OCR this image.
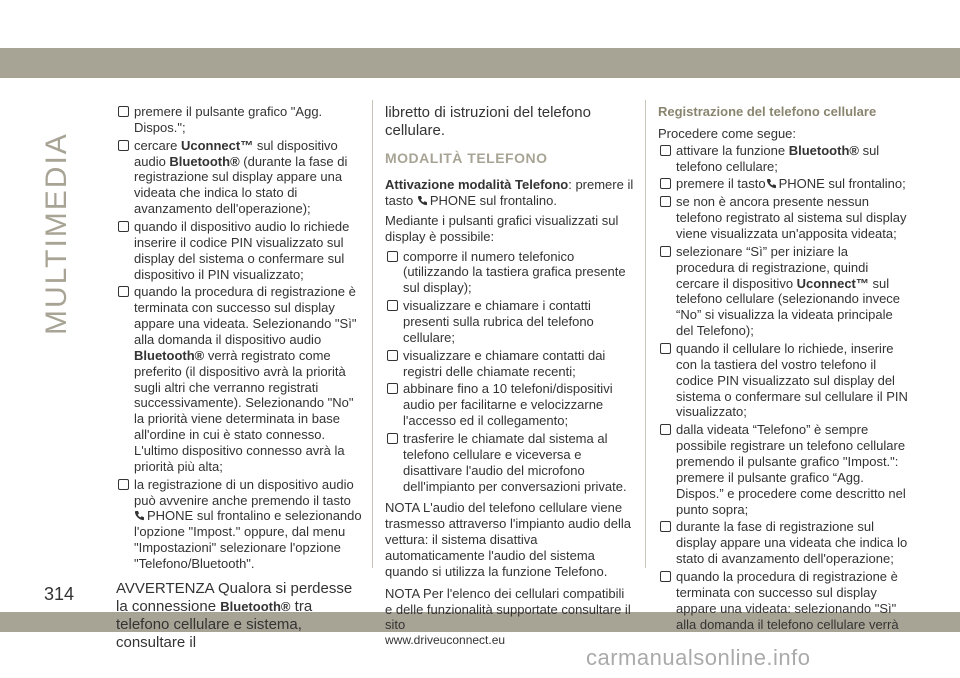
MULTIMEDIA
premere il pulsante grafico "Agg. Dispos.";
cercare Uconnect™ sul dispositivo audio Bluetooth® (durante la fase di registrazione sul display appare una videata che indica lo stato di avanzamento dell'operazione);
quando il dispositivo audio lo richiede inserire il codice PIN visualizzato sul display del sistema o confermare sul dispositivo il PIN visualizzato;
quando la procedura di registrazione è terminata con successo sul display appare una videata. Selezionando "Sì" alla domanda il dispositivo audio Bluetooth® verrà registrato come preferito (il dispositivo avrà la priorità sugli altri che verranno registrati successivamente). Selezionando "No" la priorità viene determinata in base all'ordine in cui è stato connesso. L'ultimo dispositivo connesso avrà la priorità più alta;
la registrazione di un dispositivo audio può avvenire anche premendo il tasto

PHONE sul frontalino e selezionando l'opzione "Impost." oppure, dal menu "Impostazioni" selezionare l'opzione "Telefono/Bluetooth".

AVVERTENZA Qualora si perdesse la connessione Bluetooth® tra telefono cellulare e sistema, consultare il

libretto di istruzioni del telefono cellulare.

MODALITÀ TELEFONO

Attivazione modalità Telefono: premere il tasto PHONE sul frontalino.

Mediante i pulsanti grafici visualizzati sul display è possibile:

comporre il numero telefonico (utilizzando la tastiera grafica presente sul display);
visualizzare e chiamare i contatti presenti sulla rubrica del telefono cellulare;
visualizzare e chiamare contatti dai registri delle chiamate recenti;
abbinare fino a 10 telefoni/dispositivi audio per facilitarne e velocizzarne l'accesso ed il collegamento;
trasferire le chiamate dal sistema al telefono cellulare e viceversa e disattivare l'audio del microfono dell'impianto per conversazioni private.

NOTA L'audio del telefono cellulare viene trasmesso attraverso l'impianto audio della vettura: il sistema disattiva automaticamente l'audio del sistema quando si utilizza la funzione Telefono.

NOTA Per l'elenco dei cellulari compatibili e delle funzionalità supportate consultare il sito

www.driveuconnect.eu

Registrazione del telefono cellulare

Procedere come segue:

attivare la funzione Bluetooth® sul telefono cellulare;
premere il tasto PHONE sul frontalino;
se non è ancora presente nessun telefono registrato al sistema sul display viene visualizzata un'apposita videata;
selezionare “Sì” per iniziare la procedura di registrazione, quindi cercare il dispositivo Uconnect™ sul telefono cellulare (selezionando invece “No” si visualizza la videata principale del Telefono);
quando il cellulare lo richiede, inserire con la tastiera del vostro telefono il codice PIN visualizzato sul display del sistema o confermare sul cellulare il PIN visualizzato;
dalla videata “Telefono” è sempre possibile registrare un telefono cellulare premendo il pulsante grafico "Impost.": premere il pulsante grafico “Agg. Dispos.” e procedere come descritto nel punto sopra;
durante la fase di registrazione sul display appare una videata che indica lo stato di avanzamento dell'operazione;
quando la procedura di registrazione è terminata con successo sul display appare una videata: selezionando "Sì" alla domanda il telefono cellulare verrà
314
carmanualsonline.info
